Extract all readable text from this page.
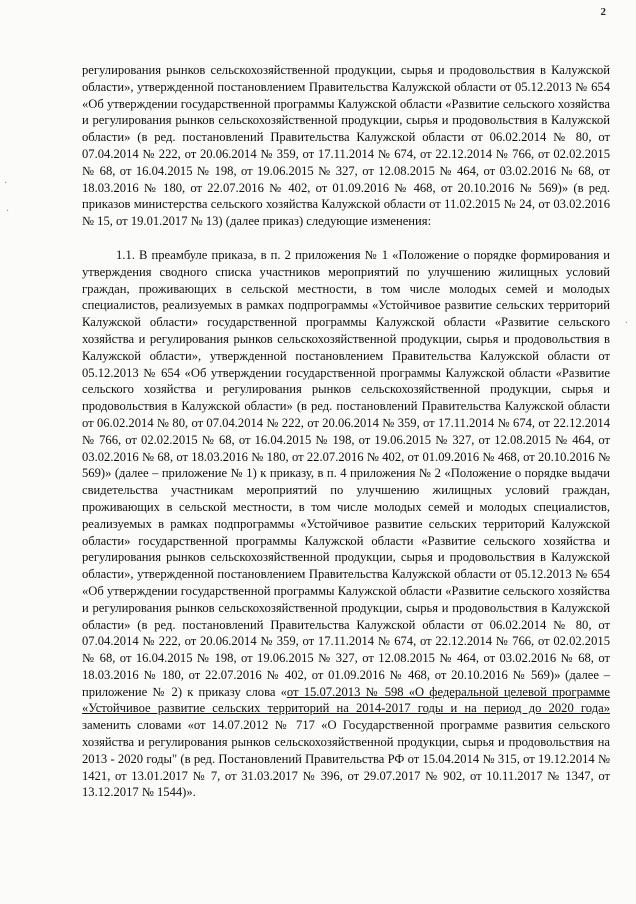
2
·
‧
·

регулирования рынков сельскохозяйственной продукции, сырья и продовольствия в Калужской области», утвержденной постановлением Правительства Калужской области от 05.12.2013 № 654 «Об утверждении государственной программы Калужской области «Развитие сельского хозяйства и регулирования рынков сельскохозяйственной продукции, сырья и продовольствия в Калужской области» (в ред. постановлений Правительства Калужской области от 06.02.2014 № 80, от 07.04.2014 № 222, от 20.06.2014 № 359, от 17.11.2014 № 674, от 22.12.2014 № 766, от 02.02.2015 № 68, от 16.04.2015 № 198, от 19.06.2015 № 327, от 12.08.2015 № 464, от 03.02.2016 № 68, от 18.03.2016 № 180, от 22.07.2016 № 402, от 01.09.2016 № 468, от 20.10.2016 № 569)» (в ред. приказов министерства сельского хозяйства Калужской области от 11.02.2015 № 24, от 03.02.2016 № 15, от 19.01.2017 № 13) (далее приказ) следующие изменения:

1.1. В преамбуле приказа, в п. 2 приложения № 1 «Положение о порядке формирования и утверждения сводного списка участников мероприятий по улучшению жилищных условий граждан, проживающих в сельской местности, в том числе молодых семей и молодых специалистов, реализуемых в рамках подпрограммы «Устойчивое развитие сельских территорий Калужской области» государственной программы Калужской области «Развитие сельского хозяйства и регулирования рынков сельскохозяйственной продукции, сырья и продовольствия в Калужской области», утвержденной постановлением Правительства Калужской области от 05.12.2013 № 654 «Об утверждении государственной программы Калужской области «Развитие сельского хозяйства и регулирования рынков сельскохозяйственной продукции, сырья и продовольствия в Калужской области» (в ред. постановлений Правительства Калужской области от 06.02.2014 № 80, от 07.04.2014 № 222, от 20.06.2014 № 359, от 17.11.2014 № 674, от 22.12.2014 № 766, от 02.02.2015 № 68, от 16.04.2015 № 198, от 19.06.2015 № 327, от 12.08.2015 № 464, от 03.02.2016 № 68, от 18.03.2016 № 180, от 22.07.2016 № 402, от 01.09.2016 № 468, от 20.10.2016 № 569)» (далее – приложение № 1) к приказу, в п. 4 приложения № 2 «Положение о порядке выдачи свидетельства участникам мероприятий по улучшению жилищных условий граждан, проживающих в сельской местности, в том числе молодых семей и молодых специалистов, реализуемых в рамках подпрограммы «Устойчивое развитие сельских территорий Калужской области» государственной программы Калужской области «Развитие сельского хозяйства и регулирования рынков сельскохозяйственной продукции, сырья и продовольствия в Калужской области», утвержденной постановлением Правительства Калужской области от 05.12.2013 № 654 «Об утверждении государственной программы Калужской области «Развитие сельского хозяйства и регулирования рынков сельскохозяйственной продукции, сырья и продовольствия в Калужской области» (в ред. постановлений Правительства Калужской области от 06.02.2014 № 80, от 07.04.2014 № 222, от 20.06.2014 № 359, от 17.11.2014 № 674, от 22.12.2014 № 766, от 02.02.2015 № 68, от 16.04.2015 № 198, от 19.06.2015 № 327, от 12.08.2015 № 464, от 03.02.2016 № 68, от 18.03.2016 № 180, от 22.07.2016 № 402, от 01.09.2016 № 468, от 20.10.2016 № 569)» (далее – приложение № 2) к приказу слова «от 15.07.2013 № 598 «О федеральной целевой программе «Устойчивое развитие сельских территорий на 2014-2017 годы и на период до 2020 года» заменить словами «от 14.07.2012 № 717 «О Государственной программе развития сельского хозяйства и регулирования рынков сельскохозяйственной продукции, сырья и продовольствия на 2013 - 2020 годы" (в ред. Постановлений Правительства РФ от 15.04.2014 № 315, от 19.12.2014 № 1421, от 13.01.2017 № 7, от 31.03.2017 № 396, от 29.07.2017 № 902, от 10.11.2017 № 1347, от 13.12.2017 № 1544)».
